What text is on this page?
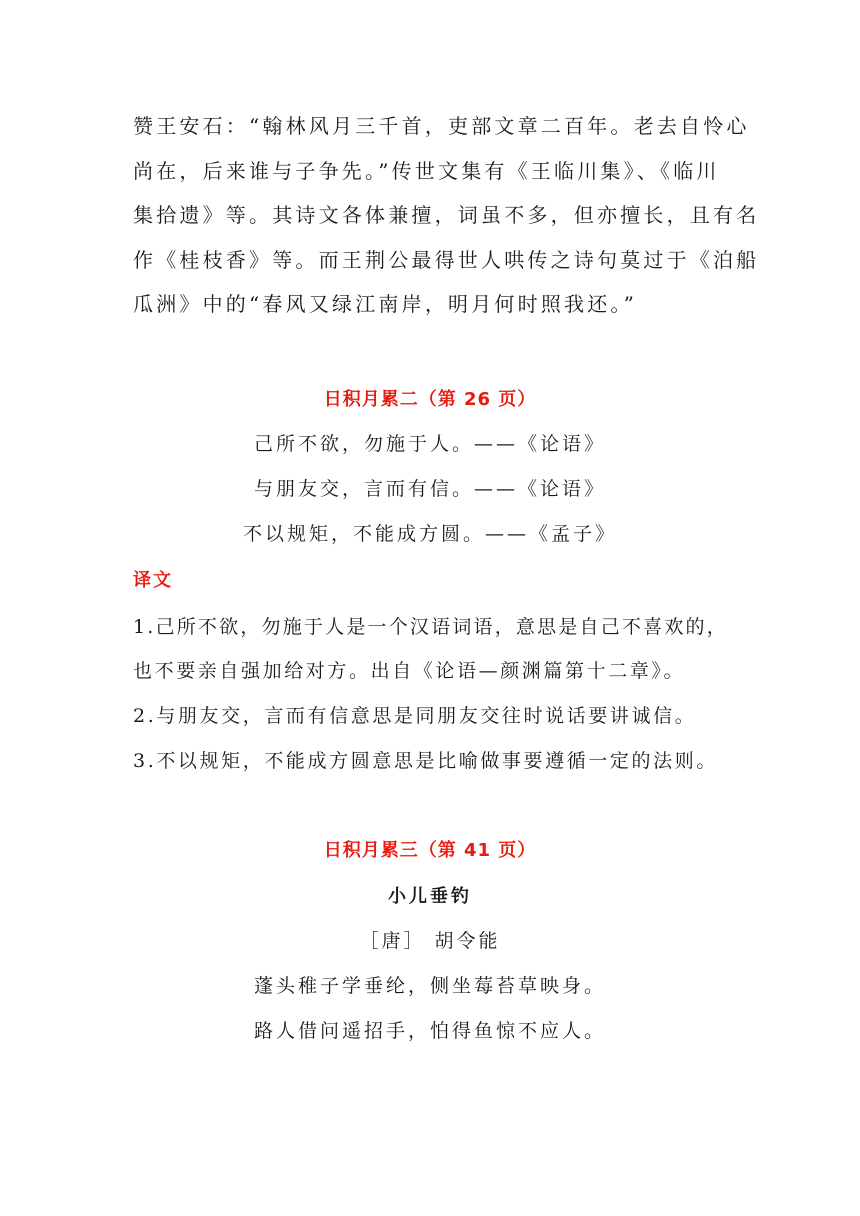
赞王安石：“翰林风月三千首，吏部文章二百年。老去自怜心
尚在，后来谁与子争先。”传世文集有《王临川集》、《临川
集拾遗》等。其诗文各体兼擅，词虽不多，但亦擅长，且有名
作《桂枝香》等。而王荆公最得世人哄传之诗句莫过于《泊船
瓜洲》中的“春风又绿江南岸，明月何时照我还。”

日积月累二（第 26 页）
己所不欲，勿施于人。——《论语》
与朋友交，言而有信。——《论语》
不以规矩，不能成方圆。——《孟子》
译文
1.己所不欲，勿施于人是一个汉语词语，意思是自己不喜欢的，
也不要亲自强加给对方。出自《论语—颜渊篇第十二章》。
2.与朋友交，言而有信意思是同朋友交往时说话要讲诚信。
3.不以规矩，不能成方圆意思是比喻做事要遵循一定的法则。
日积月累三（第 41 页）
小儿垂钓
［唐］ 胡令能
蓬头稚子学垂纶，侧坐莓苔草映身。
路人借问遥招手，怕得鱼惊不应人。
